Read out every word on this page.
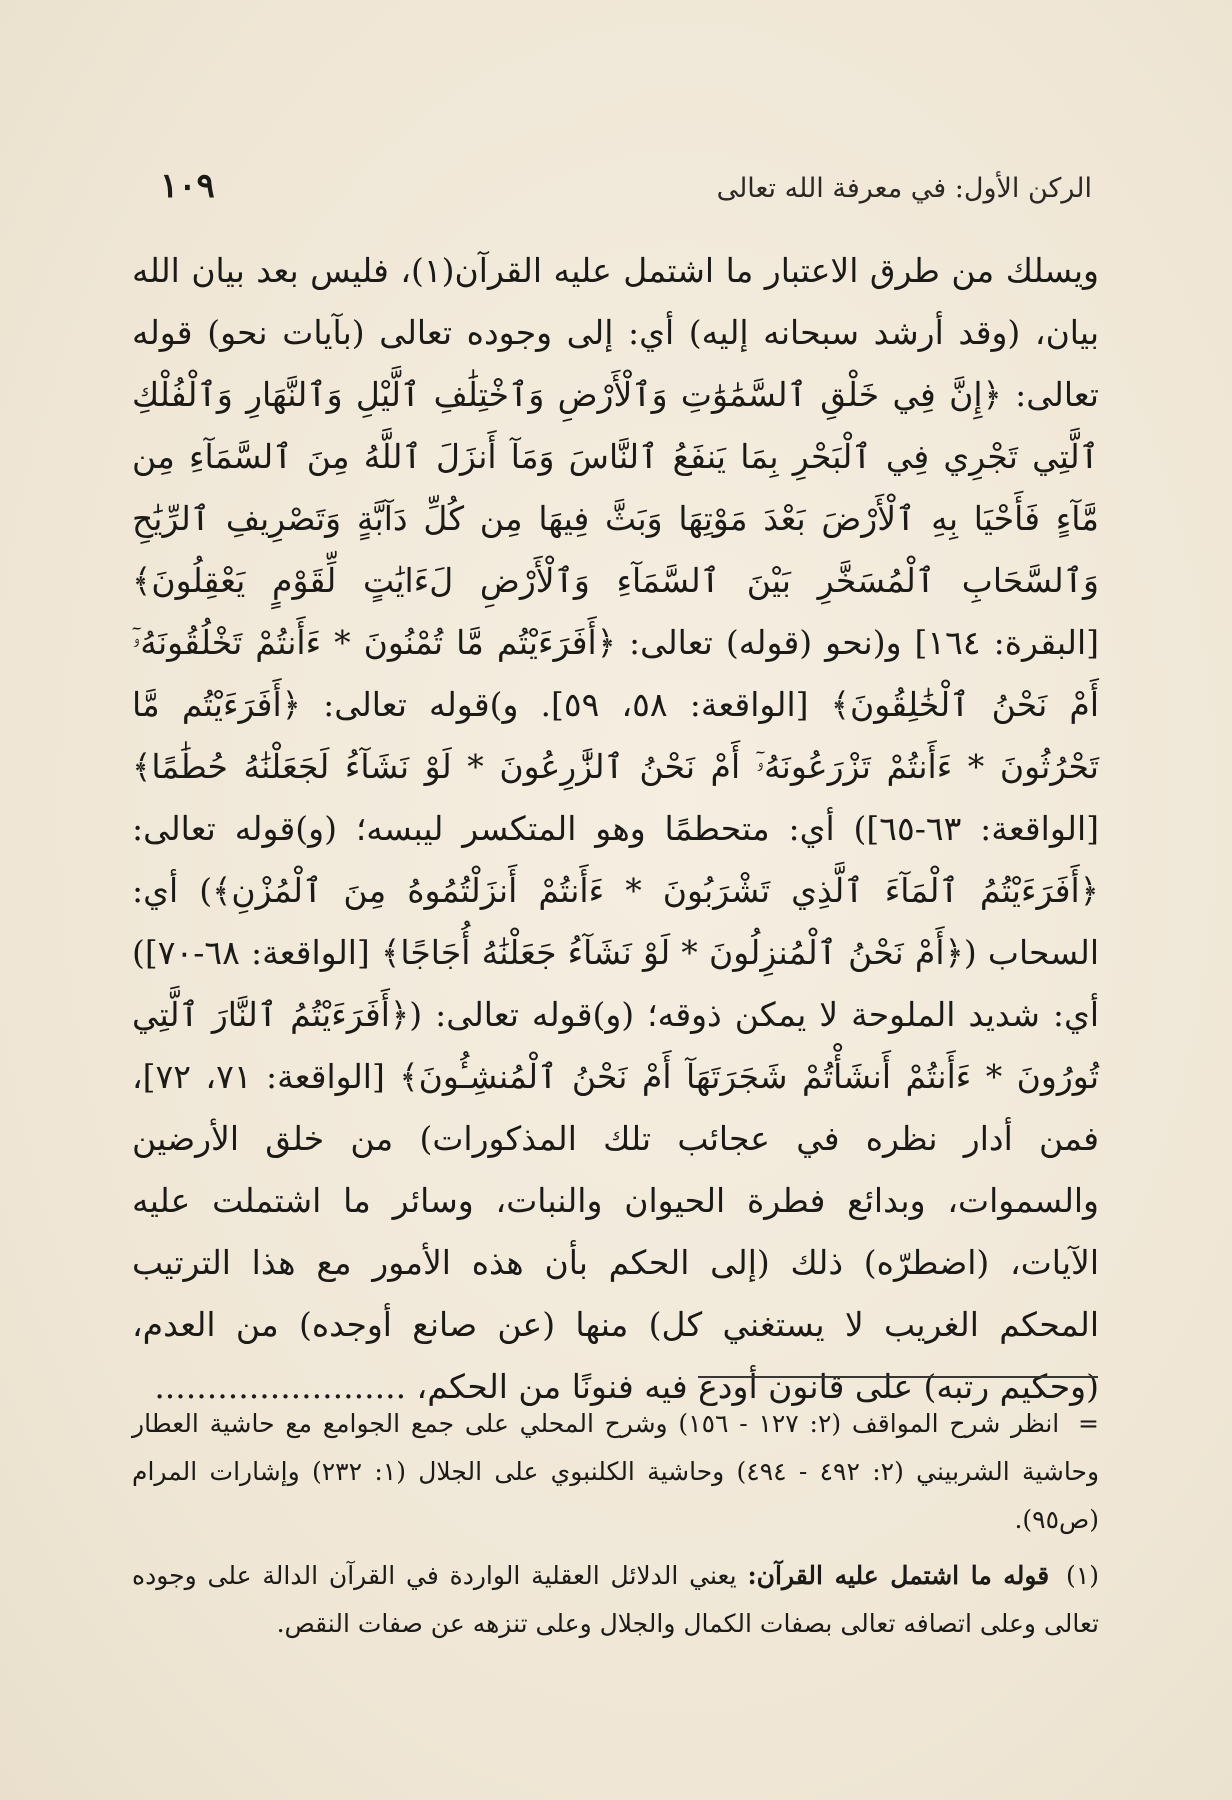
الركن الأول: في معرفة الله تعالى
١٠٩

ويسلك من طرق الاعتبار ما اشتمل عليه القرآن(١)، فليس بعد بيان الله بيان، (وقد أرشد سبحانه إليه) أي: إلى وجوده تعالى (بآيات نحو) قوله تعالى: ﴿إِنَّ فِي خَلْقِ ٱلسَّمَٰوَٰتِ وَٱلْأَرْضِ وَٱخْتِلَٰفِ ٱلَّيْلِ وَٱلنَّهَارِ وَٱلْفُلْكِ ٱلَّتِي تَجْرِي فِي ٱلْبَحْرِ بِمَا يَنفَعُ ٱلنَّاسَ وَمَآ أَنزَلَ ٱللَّهُ مِنَ ٱلسَّمَآءِ مِن مَّآءٍ فَأَحْيَا بِهِ ٱلْأَرْضَ بَعْدَ مَوْتِهَا وَبَثَّ فِيهَا مِن كُلِّ دَآبَّةٍ وَتَصْرِيفِ ٱلرِّيَٰحِ وَٱلسَّحَابِ ٱلْمُسَخَّرِ بَيْنَ ٱلسَّمَآءِ وَٱلْأَرْضِ لَءَايَٰتٍ لِّقَوْمٍ يَعْقِلُونَ﴾ [البقرة: ١٦٤] و(نحو (قوله) تعالى: ﴿أَفَرَءَيْتُم مَّا تُمْنُونَ * ءَأَنتُمْ تَخْلُقُونَهُۥٓ أَمْ نَحْنُ ٱلْخَٰلِقُونَ﴾ [الواقعة: ٥٨، ٥٩]. و)قوله تعالى: ﴿أَفَرَءَيْتُم مَّا تَحْرُثُونَ * ءَأَنتُمْ تَزْرَعُونَهُۥٓ أَمْ نَحْنُ ٱلزَّٰرِعُونَ * لَوْ نَشَآءُ لَجَعَلْنَٰهُ حُطَٰمًا﴾ [الواقعة: ٦٣-٦٥]) أي: متحطمًا وهو المتكسر ليبسه؛ (و)قوله تعالى: ﴿أَفَرَءَيْتُمُ ٱلْمَآءَ ٱلَّذِي تَشْرَبُونَ * ءَأَنتُمْ أَنزَلْتُمُوهُ مِنَ ٱلْمُزْنِ﴾) أي: السحاب (﴿أَمْ نَحْنُ ٱلْمُنزِلُونَ * لَوْ نَشَآءُ جَعَلْنَٰهُ أُجَاجًا﴾ [الواقعة: ٦٨-٧٠]) أي: شديد الملوحة لا يمكن ذوقه؛ (و)قوله تعالى: (﴿أَفَرَءَيْتُمُ ٱلنَّارَ ٱلَّتِي تُورُونَ * ءَأَنتُمْ أَنشَأْتُمْ شَجَرَتَهَآ أَمْ نَحْنُ ٱلْمُنشِـُٔونَ﴾ [الواقعة: ٧١، ٧٢]، فمن أدار نظره في عجائب تلك المذكورات) من خلق الأرضين والسموات، وبدائع فطرة الحيوان والنبات، وسائر ما اشتملت عليه الآيات، (اضطرّه) ذلك (إلى الحكم بأن هذه الأمور مع هذا الترتيب المحكم الغريب لا يستغني كل) منها (عن صانع أوجده) من العدم، (وحكيم رتبه) على قانون أودع فيه فنونًا من الحكم، ........................

= انظر شرح المواقف (٢: ١٢٧ - ١٥٦) وشرح المحلي على جمع الجوامع مع حاشية العطار وحاشية الشربيني (٢: ٤٩٢ - ٤٩٤) وحاشية الكلنبوي على الجلال (١: ٢٣٢) وإشارات المرام (ص٩٥).

(١) قوله ما اشتمل عليه القرآن: يعني الدلائل العقلية الواردة في القرآن الدالة على وجوده تعالى وعلى اتصافه تعالى بصفات الكمال والجلال وعلى تنزهه عن صفات النقص.
